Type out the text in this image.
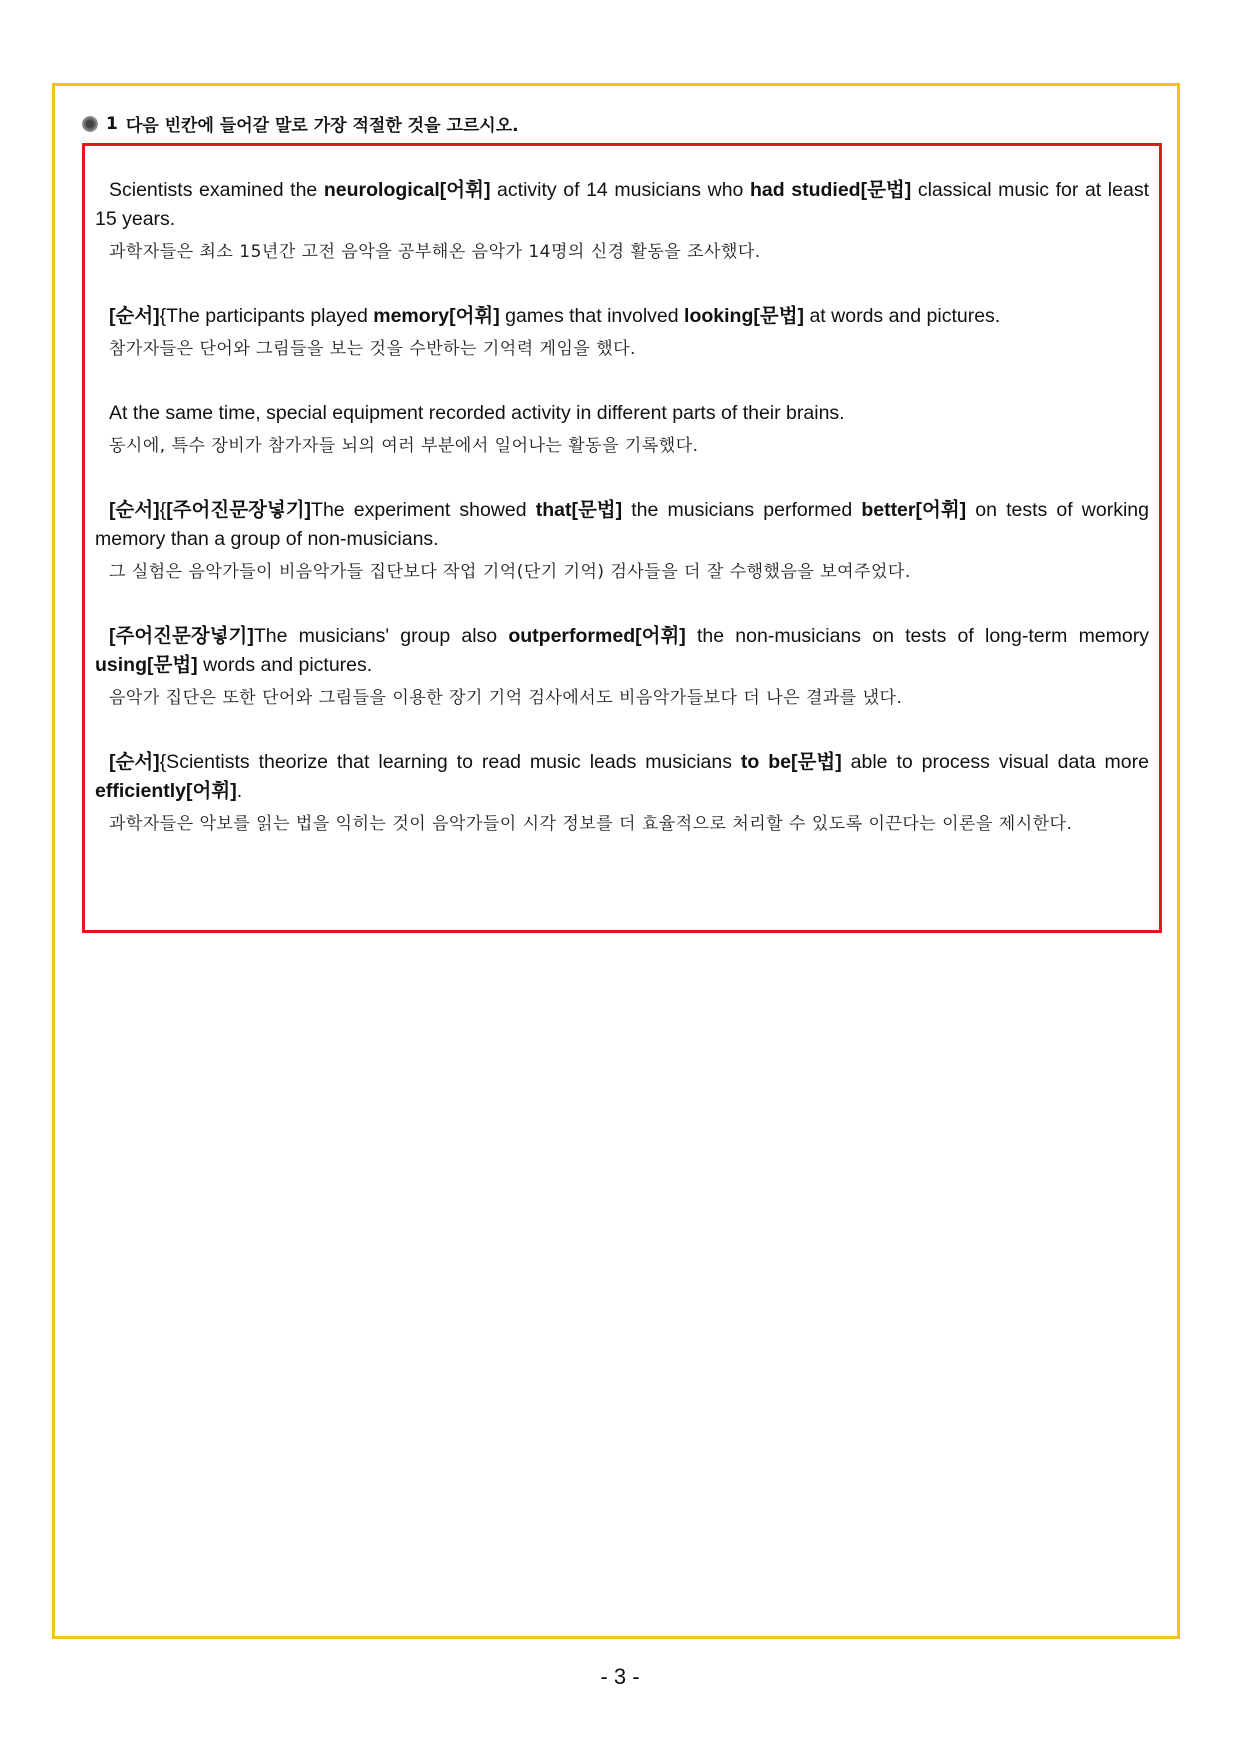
1 다음 빈칸에 들어갈 말로 가장 적절한 것을 고르시오.
Scientists examined the neurological[어휘] activity of 14 musicians who had studied[문법] classical music for at least 15 years.
과학자들은 최소 15년간 고전 음악을 공부해온 음악가 14명의 신경 활동을 조사했다.
[순서]{The participants played memory[어휘] games that involved looking[문법] at words and pictures.
참가자들은 단어와 그림들을 보는 것을 수반하는 기억력 게임을 했다.
At the same time, special equipment recorded activity in different parts of their brains.
동시에, 특수 장비가 참가자들 뇌의 여러 부분에서 일어나는 활동을 기록했다.
[순서]{[주어진문장넣기]The experiment showed that[문법] the musicians performed better[어휘] on tests of working memory than a group of non-musicians.
그 실험은 음악가들이 비음악가들 집단보다 작업 기억(단기 기억) 검사들을 더 잘 수행했음을 보여주었다.
[주어진문장넣기]The musicians' group also outperformed[어휘] the non-musicians on tests of long-term memory using[문법] words and pictures.
음악가 집단은 또한 단어와 그림들을 이용한 장기 기억 검사에서도 비음악가들보다 더 나은 결과를 냈다.
[순서]{Scientists theorize that learning to read music leads musicians to be[문법] able to process visual data more efficiently[어휘].
과학자들은 악보를 읽는 법을 익히는 것이 음악가들이 시각 정보를 더 효율적으로 처리할 수 있도록 이끈다는 이론을 제시한다.
- 3 -
